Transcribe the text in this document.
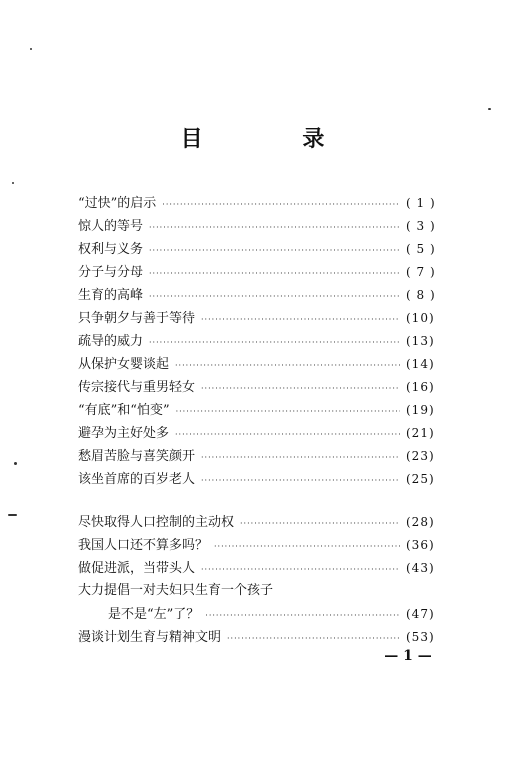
目 录
“过快”的启示 ·····	( 1 )
惊人的等号 ·····	( 3 )
权利与义务 ·····	( 5 )
分子与分母 ·····	( 7 )
生育的高峰 ·····	( 8 )
只争朝夕与善于等待 ·····	(10)
疏导的威力 ·····	(13)
从保护女婴谈起 ·····	(14)
传宗接代与重男轻女 ·····	(16)
“有底”和“怕变” ·····	(19)
避孕为主好处多 ·····	(21)
愁眉苦脸与喜笑颜开 ·····	(23)
该坐首席的百岁老人 ·····	(25)
尽快取得人口控制的主动权 ·····	(28)
我国人口还不算多吗？ ·····	(36)
做促进派，当带头人 ·····	(43)
大力提倡一对夫妇只生育一个孩子
是不是“左”了？ ·····	(47)
漫谈计划生育与精神文明 ·····	(53)
— 1 —
